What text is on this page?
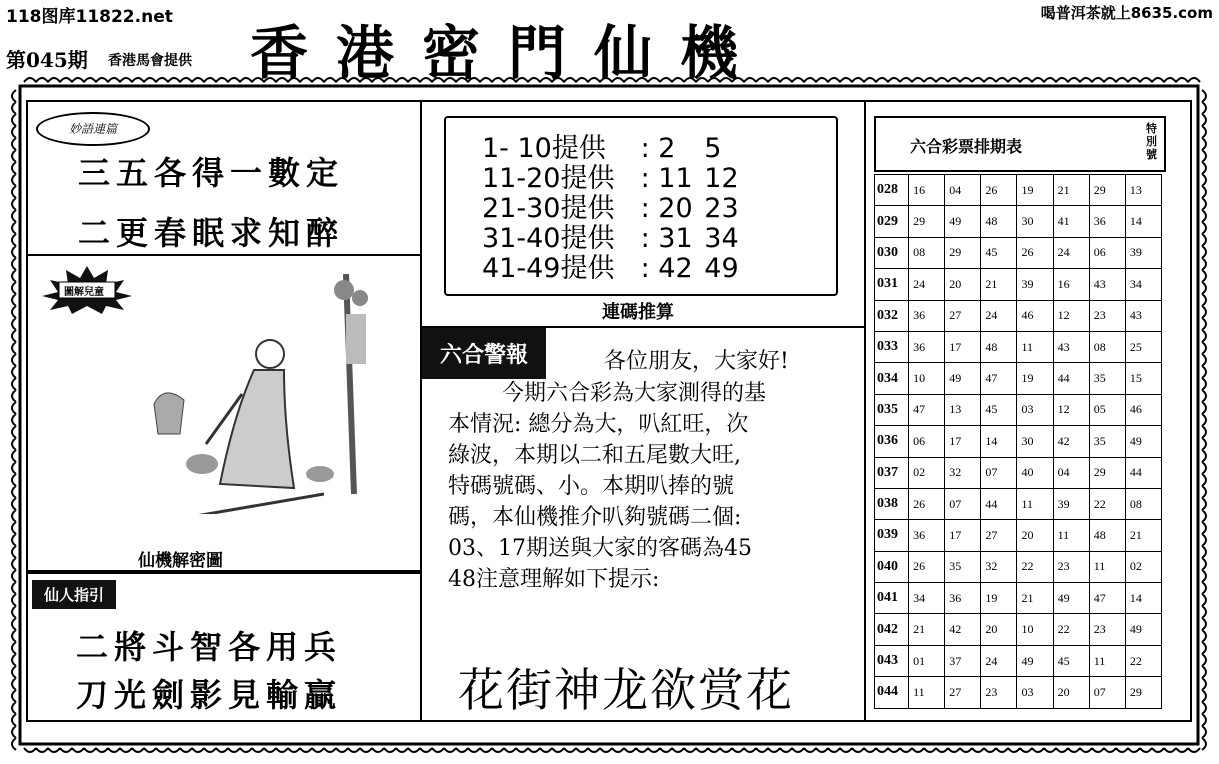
118图库11822.net	喝普洱茶就上8635.com
第045期 香港馬會提供 香港密門仙機
妙語連篇
三五各得一數定
二更春眠求知醉
圖解兒童
仙機解密圖
仙人指引
二將斗智各用兵
刀光劍影見輸贏
1- 10提供 : 2 5
11-20提供 : 11 12
21-30提供 : 20 23
31-40提供 : 31 34
41-49提供 : 42 49
連碼推算
六合警報	各位朋友，大家好!
今期六合彩為大家測得的基
本情況: 總分為大，叭紅旺，次
綠波，本期以二和五尾數大旺,
特碼號碼、小。本期叭捧的號
碼，本仙機推介叭夠號碼二個:
03、17期送與大家的客碼為45
48注意理解如下提示:
花街神龙欲赏花
六合彩票排期表
特別號
028	16	04	26	19	21	29	13
029	29	49	48	30	41	36	14
030	08	29	45	26	24	06	39
031	24	20	21	39	16	43	34
032	36	27	24	46	12	23	43
033	36	17	48	11	43	08	25
034	10	49	47	19	44	35	15
035	47	13	45	03	12	05	46
036	06	17	14	30	42	35	49
037	02	32	07	40	04	29	44
038	26	07	44	11	39	22	08
039	36	17	27	20	11	48	21
040	26	35	32	22	23	11	02
041	34	36	19	21	49	47	14
042	21	42	20	10	22	23	49
043	01	37	24	49	45	11	22
044	11	27	23	03	20	07	29
